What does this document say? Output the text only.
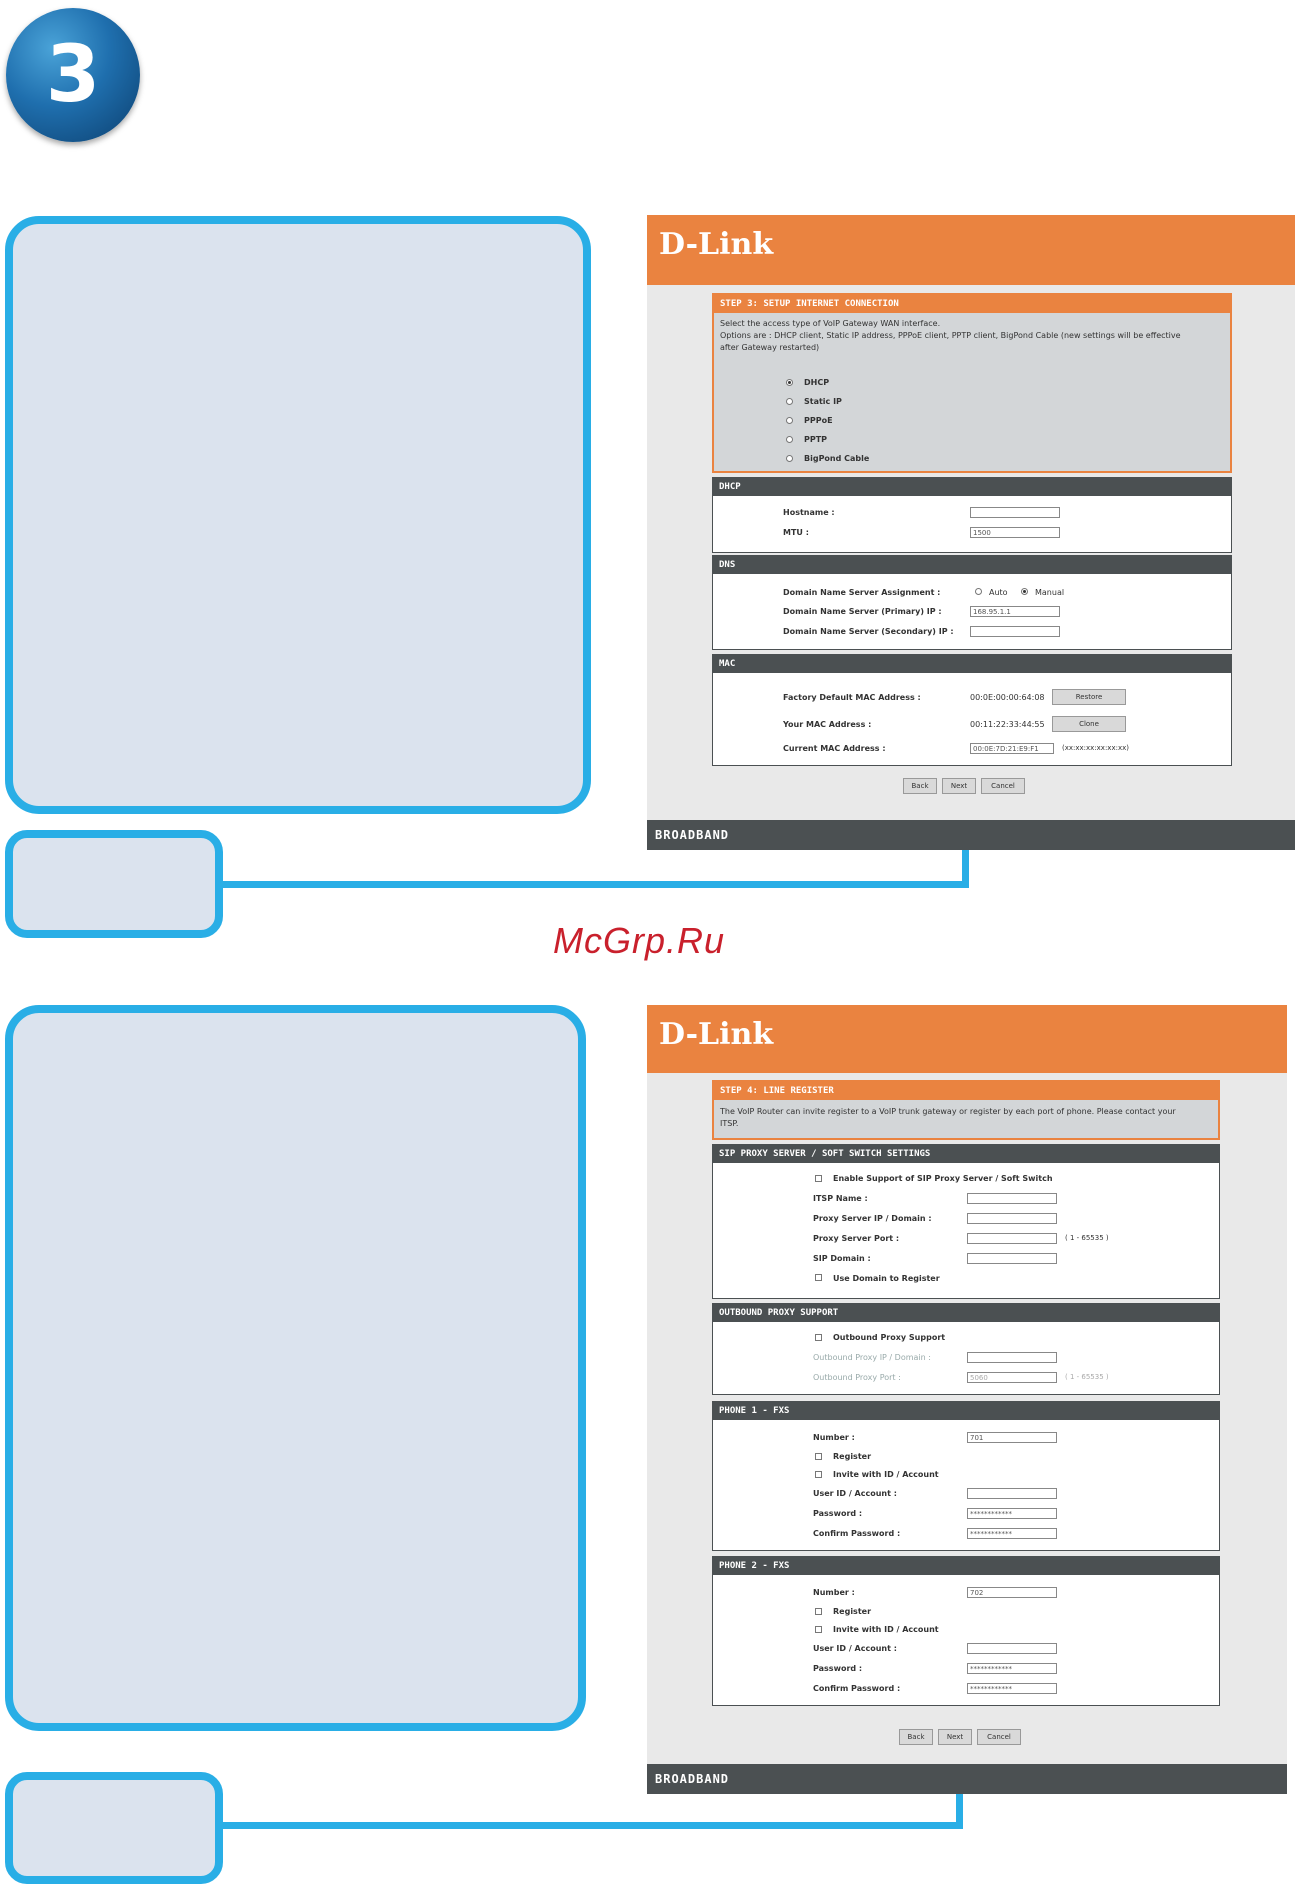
3
McGrp.Ru
D-Link
STEP 3: SETUP INTERNET CONNECTION
Select the access type of VoIP Gateway WAN interface.
Options are : DHCP client, Static IP address, PPPoE client, PPTP client, BigPond Cable (new settings will be effective
after Gateway restarted)
DHCP
Static IP
PPPoE
PPTP
BigPond Cable
DHCP
Hostname :
MTU :	1500
DNS
Domain Name Server Assignment :	Auto	Manual
Domain Name Server (Primary) IP :	168.95.1.1
Domain Name Server (Secondary) IP :
MAC
Factory Default MAC Address :	00:0E:00:00:64:08	Restore
Your MAC Address :	00:11:22:33:44:55	Clone
Current MAC Address :	00:0E:7D:21:E9:F1	(xx:xx:xx:xx:xx:xx)
Back	Next	Cancel
BROADBAND
D-Link
STEP 4: LINE REGISTER
The VoIP Router can invite register to a VoIP trunk gateway or register by each port of phone. Please contact your
ITSP.
SIP PROXY SERVER / SOFT SWITCH SETTINGS
Enable Support of SIP Proxy Server / Soft Switch
ITSP Name :
Proxy Server IP / Domain :
Proxy Server Port :	( 1 - 65535 )
SIP Domain :
Use Domain to Register
OUTBOUND PROXY SUPPORT
Outbound Proxy Support
Outbound Proxy IP / Domain :
Outbound Proxy Port :	5060	( 1 - 65535 )
PHONE 1 - FXS
Number :	701
Register
Invite with ID / Account
User ID / Account :
Password :	************
Confirm Password :	************
PHONE 2 - FXS
Number :	702
Register
Invite with ID / Account
User ID / Account :
Password :	************
Confirm Password :	************
Back	Next	Cancel
BROADBAND
